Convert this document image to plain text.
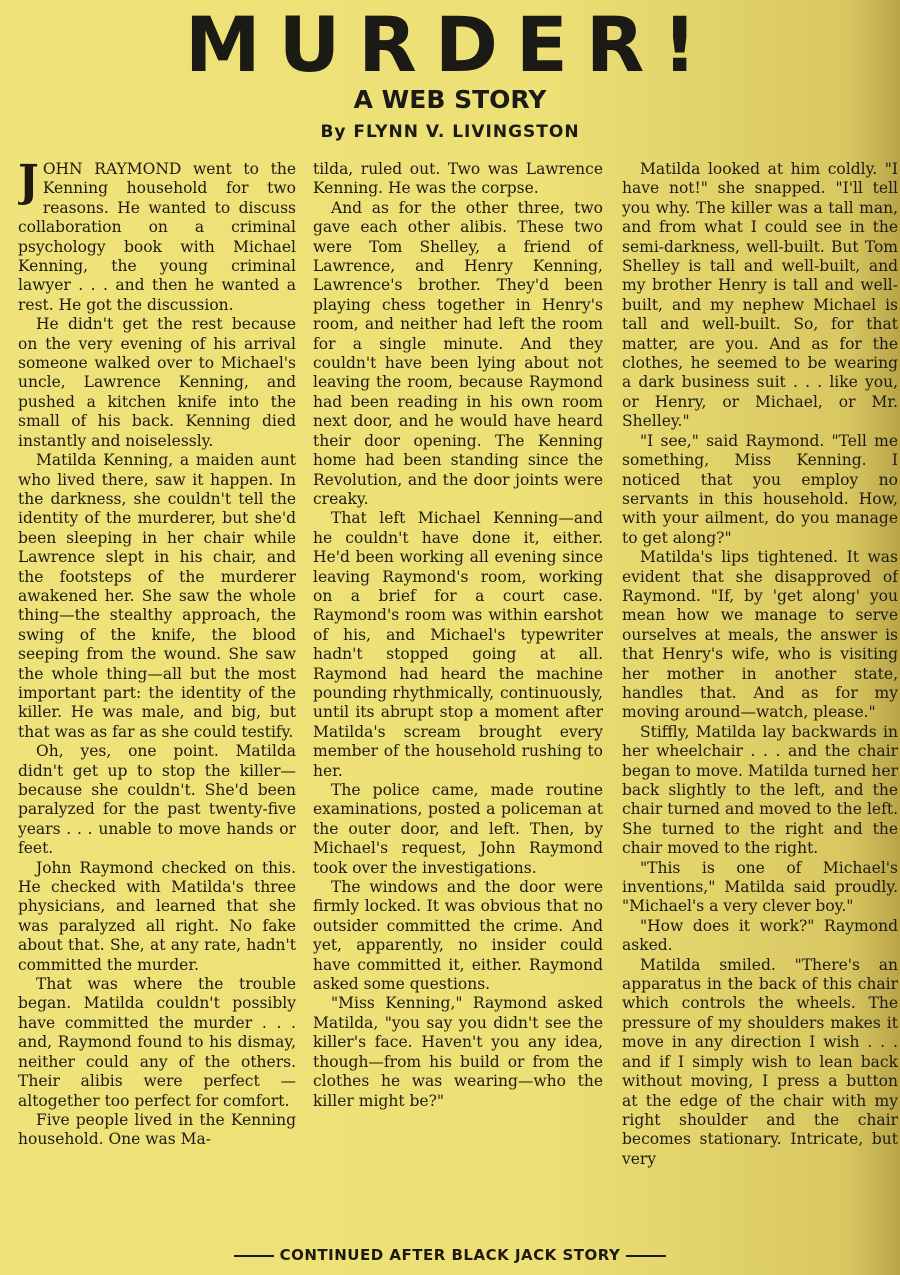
MURDER!
A WEB STORY
By FLYNN V. LIVINGSTON

JOHN RAYMOND went to the Kenning household for two reasons. He wanted to discuss collaboration on a criminal psychology book with Michael Kenning, the young criminal lawyer . . . and then he wanted a rest. He got the discussion.

He didn't get the rest because on the very evening of his arrival someone walked over to Michael's uncle, Lawrence Kenning, and pushed a kitchen knife into the small of his back. Kenning died instantly and noiselessly.

Matilda Kenning, a maiden aunt who lived there, saw it happen. In the darkness, she couldn't tell the identity of the murderer, but she'd been sleeping in her chair while Lawrence slept in his chair, and the footsteps of the murderer awakened her. She saw the whole thing—the stealthy approach, the swing of the knife, the blood seeping from the wound. She saw the whole thing—all but the most important part: the identity of the killer. He was male, and big, but that was as far as she could testify.

Oh, yes, one point. Matilda didn't get up to stop the killer—because she couldn't. She'd been paralyzed for the past twenty-five years . . . unable to move hands or feet.

John Raymond checked on this. He checked with Matilda's three physicians, and learned that she was paralyzed all right. No fake about that. She, at any rate, hadn't committed the murder.

That was where the trouble began. Matilda couldn't possibly have committed the murder . . . and, Raymond found to his dismay, neither could any of the others. Their alibis were perfect — altogether too perfect for comfort.

Five people lived in the Kenning household. One was Ma-

tilda, ruled out. Two was Lawrence Kenning. He was the corpse.

And as for the other three, two gave each other alibis. These two were Tom Shelley, a friend of Lawrence, and Henry Kenning, Lawrence's brother. They'd been playing chess together in Henry's room, and neither had left the room for a single minute. And they couldn't have been lying about not leaving the room, because Raymond had been reading in his own room next door, and he would have heard their door opening. The Kenning home had been standing since the Revolution, and the door joints were creaky.

That left Michael Kenning—and he couldn't have done it, either. He'd been working all evening since leaving Raymond's room, working on a brief for a court case. Raymond's room was within earshot of his, and Michael's typewriter hadn't stopped going at all. Raymond had heard the machine pounding rhythmically, continuously, until its abrupt stop a moment after Matilda's scream brought every member of the household rushing to her.

The police came, made routine examinations, posted a policeman at the outer door, and left. Then, by Michael's request, John Raymond took over the investigations.

The windows and the door were firmly locked. It was obvious that no outsider committed the crime. And yet, apparently, no insider could have committed it, either. Raymond asked some questions.

"Miss Kenning," Raymond asked Matilda, "you say you didn't see the killer's face. Haven't you any idea, though—from his build or from the clothes he was wearing—who the killer might be?"

Matilda looked at him coldly. "I have not!" she snapped. "I'll tell you why. The killer was a tall man, and from what I could see in the semi-darkness, well-built. But Tom Shelley is tall and well-built, and my brother Henry is tall and well-built, and my nephew Michael is tall and well-built. So, for that matter, are you. And as for the clothes, he seemed to be wearing a dark business suit . . . like you, or Henry, or Michael, or Mr. Shelley."

"I see," said Raymond. "Tell me something, Miss Kenning. I noticed that you employ no servants in this household. How, with your ailment, do you manage to get along?"

Matilda's lips tightened. It was evident that she disapproved of Raymond. "If, by 'get along' you mean how we manage to serve ourselves at meals, the answer is that Henry's wife, who is visiting her mother in another state, handles that. And as for my moving around—watch, please."

Stiffly, Matilda lay backwards in her wheelchair . . . and the chair began to move. Matilda turned her back slightly to the left, and the chair turned and moved to the left. She turned to the right and the chair moved to the right.

"This is one of Michael's inventions," Matilda said proudly. "Michael's a very clever boy."

"How does it work?" Raymond asked.

Matilda smiled. "There's an apparatus in the back of this chair which controls the wheels. The pressure of my shoulders makes it move in any direction I wish . . . and if I simply wish to lean back without moving, I press a button at the edge of the chair with my right shoulder and the chair becomes stationary. Intricate, but very

CONTINUED AFTER BLACK JACK STORY
